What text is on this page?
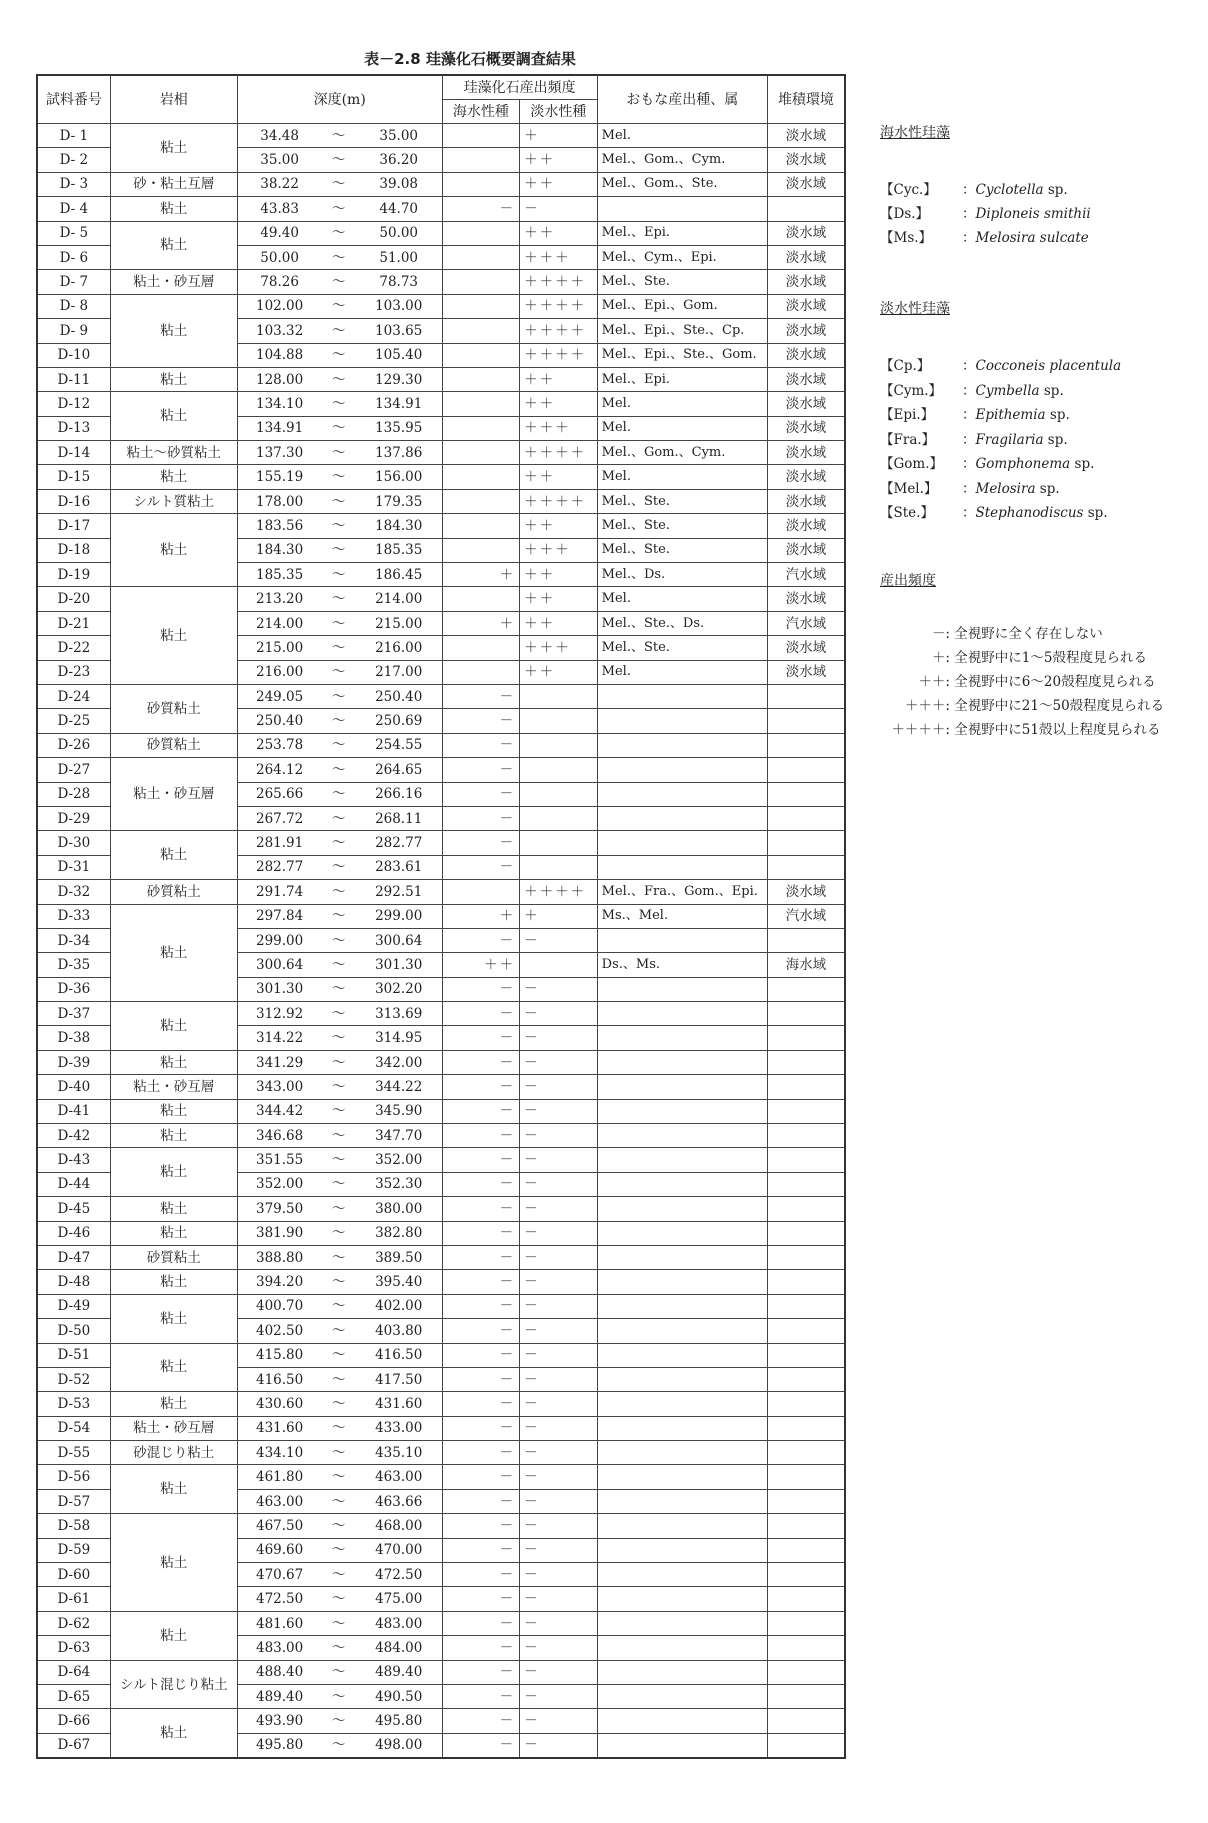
表－2.8 珪藻化石概要調査結果
試料番号	岩相	深度(m)			珪藻化石産出頻度		おもな産出種、属	堆積環境
					海水性種	淡水性種		
D- 1	粘土	34.48	～	35.00		＋	Mel.	淡水域
D- 2		35.00	～	36.20		＋＋	Mel.、Gom.、Cym.	淡水域
D- 3	砂・粘土互層	38.22	～	39.08		＋＋	Mel.、Gom.、Ste.	淡水域
D- 4	粘土	43.83	～	44.70	－	－		
D- 5	粘土	49.40	～	50.00		＋＋	Mel.、Epi.	淡水域
D- 6		50.00	～	51.00		＋＋＋	Mel.、Cym.、Epi.	淡水域
D- 7	粘土・砂互層	78.26	～	78.73		＋＋＋＋	Mel.、Ste.	淡水域
D- 8	粘土	102.00	～	103.00		＋＋＋＋	Mel.、Epi.、Gom.	淡水域
D- 9		103.32	～	103.65		＋＋＋＋	Mel.、Epi.、Ste.、Cp.	淡水域
D-10		104.88	～	105.40		＋＋＋＋	Mel.、Epi.、Ste.、Gom.	淡水域
D-11	粘土	128.00	～	129.30		＋＋	Mel.、Epi.	淡水域
D-12	粘土	134.10	～	134.91		＋＋	Mel.	淡水域
D-13		134.91	～	135.95		＋＋＋	Mel.	淡水域
D-14	粘土～砂質粘土	137.30	～	137.86		＋＋＋＋	Mel.、Gom.、Cym.	淡水域
D-15	粘土	155.19	～	156.00		＋＋	Mel.	淡水域
D-16	シルト質粘土	178.00	～	179.35		＋＋＋＋	Mel.、Ste.	淡水域
D-17	粘土	183.56	～	184.30		＋＋	Mel.、Ste.	淡水域
D-18		184.30	～	185.35		＋＋＋	Mel.、Ste.	淡水域
D-19		185.35	～	186.45	＋	＋＋	Mel.、Ds.	汽水域
D-20	粘土	213.20	～	214.00		＋＋	Mel.	淡水域
D-21		214.00	～	215.00	＋	＋＋	Mel.、Ste.、Ds.	汽水域
D-22		215.00	～	216.00		＋＋＋	Mel.、Ste.	淡水域
D-23		216.00	～	217.00		＋＋	Mel.	淡水域
D-24	砂質粘土	249.05	～	250.40	－			
D-25		250.40	～	250.69	－			
D-26	砂質粘土	253.78	～	254.55	－			
D-27	粘土・砂互層	264.12	～	264.65	－			
D-28		265.66	～	266.16	－			
D-29		267.72	～	268.11	－			
D-30	粘土	281.91	～	282.77	－			
D-31		282.77	～	283.61	－			
D-32	砂質粘土	291.74	～	292.51		＋＋＋＋	Mel.、Fra.、Gom.、Epi.	淡水域
D-33	粘土	297.84	～	299.00	＋	＋	Ms.、Mel.	汽水域
D-34		299.00	～	300.64	－	－		
D-35		300.64	～	301.30	＋＋		Ds.、Ms.	海水域
D-36		301.30	～	302.20	－	－		
D-37	粘土	312.92	～	313.69	－	－		
D-38		314.22	～	314.95	－	－		
D-39	粘土	341.29	～	342.00	－	－		
D-40	粘土・砂互層	343.00	～	344.22	－	－		
D-41	粘土	344.42	～	345.90	－	－		
D-42	粘土	346.68	～	347.70	－	－		
D-43	粘土	351.55	～	352.00	－	－		
D-44		352.00	～	352.30	－	－		
D-45	粘土	379.50	～	380.00	－	－		
D-46	粘土	381.90	～	382.80	－	－		
D-47	砂質粘土	388.80	～	389.50	－	－		
D-48	粘土	394.20	～	395.40	－	－		
D-49	粘土	400.70	～	402.00	－	－		
D-50		402.50	～	403.80	－	－		
D-51	粘土	415.80	～	416.50	－	－		
D-52		416.50	～	417.50	－	－		
D-53	粘土	430.60	～	431.60	－	－		
D-54	粘土・砂互層	431.60	～	433.00	－	－		
D-55	砂混じり粘土	434.10	～	435.10	－	－		
D-56	粘土	461.80	～	463.00	－	－		
D-57		463.00	～	463.66	－	－		
D-58	粘土	467.50	～	468.00	－	－		
D-59		469.60	～	470.00	－	－		
D-60		470.67	～	472.50	－	－		
D-61		472.50	～	475.00	－	－		
D-62	粘土	481.60	～	483.00	－	－		
D-63		483.00	～	484.00	－	－		
D-64	シルト混じり粘土	488.40	～	489.40	－	－		
D-65		489.40	～	490.50	－	－		
D-66	粘土	493.90	～	495.80	－	－		
D-67		495.80	～	498.00	－	－		
海水性珪藻
【Cyc.】 ：Cyclotella sp.
【Ds.】 ：Diploneis smithii
【Ms.】 ：Melosira sulcate
淡水性珪藻
【Cp.】 ：Cocconeis placentula
【Cym.】 ：Cymbella sp.
【Epi.】 ：Epithemia sp.
【Fra.】 ：Fragilaria sp.
【Gom.】 ：Gomphonema sp.
【Mel.】 ：Melosira sp.
【Ste.】 ：Stephanodiscus sp.
産出頻度
－: 全視野に全く存在しない
＋: 全視野中に1～5殻程度見られる
＋＋: 全視野中に6～20殻程度見られる
＋＋＋: 全視野中に21～50殻程度見られる
＋＋＋＋: 全視野中に51殻以上程度見られる
